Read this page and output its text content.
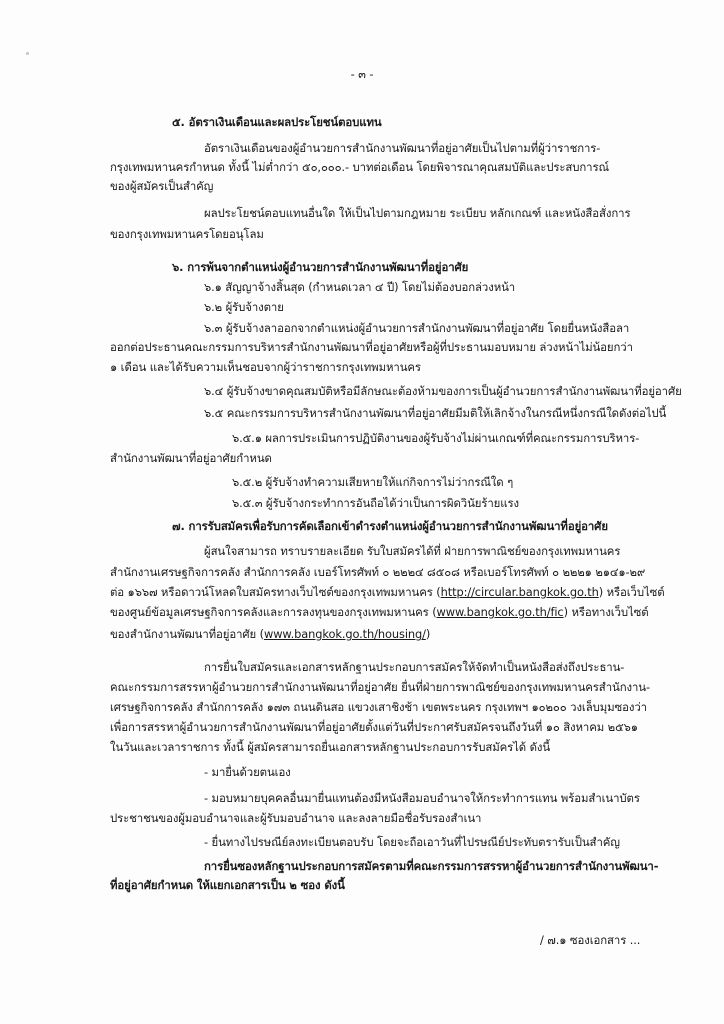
- ๓ -
๕. อัตราเงินเดือนและผลประโยชน์ตอบแทน
อัตราเงินเดือนของผู้อำนวยการสำนักงานพัฒนาที่อยู่อาศัยเป็นไปตามที่ผู้ว่าราชการ-
กรุงเทพมหานครกำหนด ทั้งนี้ ไม่ต่ำกว่า ๕๐,๐๐๐.- บาทต่อเดือน โดยพิจารณาคุณสมบัติและประสบการณ์
ของผู้สมัครเป็นสำคัญ
ผลประโยชน์ตอบแทนอื่นใด ให้เป็นไปตามกฎหมาย ระเบียบ หลักเกณฑ์ และหนังสือสั่งการ
ของกรุงเทพมหานครโดยอนุโลม
๖. การพ้นจากตำแหน่งผู้อำนวยการสำนักงานพัฒนาที่อยู่อาศัย
๖.๑ สัญญาจ้างสิ้นสุด (กำหนดเวลา ๔ ปี) โดยไม่ต้องบอกล่วงหน้า
๖.๒ ผู้รับจ้างตาย
๖.๓ ผู้รับจ้างลาออกจากตำแหน่งผู้อำนวยการสำนักงานพัฒนาที่อยู่อาศัย โดยยื่นหนังสือลา
ออกต่อประธานคณะกรรมการบริหารสำนักงานพัฒนาที่อยู่อาศัยหรือผู้ที่ประธานมอบหมาย ล่วงหน้าไม่น้อยกว่า
๑ เดือน และได้รับความเห็นชอบจากผู้ว่าราชการกรุงเทพมหานคร
๖.๔ ผู้รับจ้างขาดคุณสมบัติหรือมีลักษณะต้องห้ามของการเป็นผู้อำนวยการสำนักงานพัฒนาที่อยู่อาศัย
๖.๕ คณะกรรมการบริหารสำนักงานพัฒนาที่อยู่อาศัยมีมติให้เลิกจ้างในกรณีหนึ่งกรณีใดดังต่อไปนี้
๖.๕.๑ ผลการประเมินการปฏิบัติงานของผู้รับจ้างไม่ผ่านเกณฑ์ที่คณะกรรมการบริหาร-
สำนักงานพัฒนาที่อยู่อาศัยกำหนด
๖.๕.๒ ผู้รับจ้างทำความเสียหายให้แก่กิจการไม่ว่ากรณีใด ๆ
๖.๕.๓ ผู้รับจ้างกระทำการอันถือได้ว่าเป็นการผิดวินัยร้ายแรง
๗. การรับสมัครเพื่อรับการคัดเลือกเข้าดำรงตำแหน่งผู้อำนวยการสำนักงานพัฒนาที่อยู่อาศัย
ผู้สนใจสามารถ ทราบรายละเอียด รับใบสมัครได้ที่ ฝ่ายการพาณิชย์ของกรุงเทพมหานคร
สำนักงานเศรษฐกิจการคลัง สำนักการคลัง เบอร์โทรศัพท์ ๐ ๒๒๒๔ ๘๕๐๘ หรือเบอร์โทรศัพท์ ๐ ๒๒๒๑ ๒๑๔๑-๒๙
ต่อ ๑๖๖๗ หรือดาวน์โหลดใบสมัครทางเว็บไซต์ของกรุงเทพมหานคร (http://circular.bangkok.go.th) หรือเว็บไซต์
ของศูนย์ข้อมูลเศรษฐกิจการคลังและการลงทุนของกรุงเทพมหานคร (www.bangkok.go.th/fic) หรือทางเว็บไซต์
ของสำนักงานพัฒนาที่อยู่อาศัย (www.bangkok.go.th/housing/)
การยื่นใบสมัครและเอกสารหลักฐานประกอบการสมัครให้จัดทำเป็นหนังสือส่งถึงประธาน-
คณะกรรมการสรรหาผู้อำนวยการสำนักงานพัฒนาที่อยู่อาศัย ยื่นที่ฝ่ายการพาณิชย์ของกรุงเทพมหานครสำนักงาน-
เศรษฐกิจการคลัง สำนักการคลัง ๑๗๓ ถนนดินสอ แขวงเสาชิงช้า เขตพระนคร กรุงเทพฯ ๑๐๒๐๐ วงเล็บมุมซองว่า
เพื่อการสรรหาผู้อำนวยการสำนักงานพัฒนาที่อยู่อาศัยตั้งแต่วันที่ประกาศรับสมัครจนถึงวันที่ ๑๐ สิงหาคม ๒๕๖๑
ในวันและเวลาราชการ ทั้งนี้ ผู้สมัครสามารถยื่นเอกสารหลักฐานประกอบการรับสมัครได้ ดังนี้
- มายื่นด้วยตนเอง
- มอบหมายบุคคลอื่นมายื่นแทนต้องมีหนังสือมอบอำนาจให้กระทำการแทน พร้อมสำเนาบัตร
ประชาชนของผู้มอบอำนาจและผู้รับมอบอำนาจ และลงลายมือชื่อรับรองสำเนา
- ยื่นทางไปรษณีย์ลงทะเบียนตอบรับ โดยจะถือเอาวันที่ไปรษณีย์ประทับตรารับเป็นสำคัญ
การยื่นซองหลักฐานประกอบการสมัครตามที่คณะกรรมการสรรหาผู้อำนวยการสำนักงานพัฒนา-
ที่อยู่อาศัยกำหนด ให้แยกเอกสารเป็น ๒ ซอง ดังนี้
/ ๗.๑ ซองเอกสาร ...
